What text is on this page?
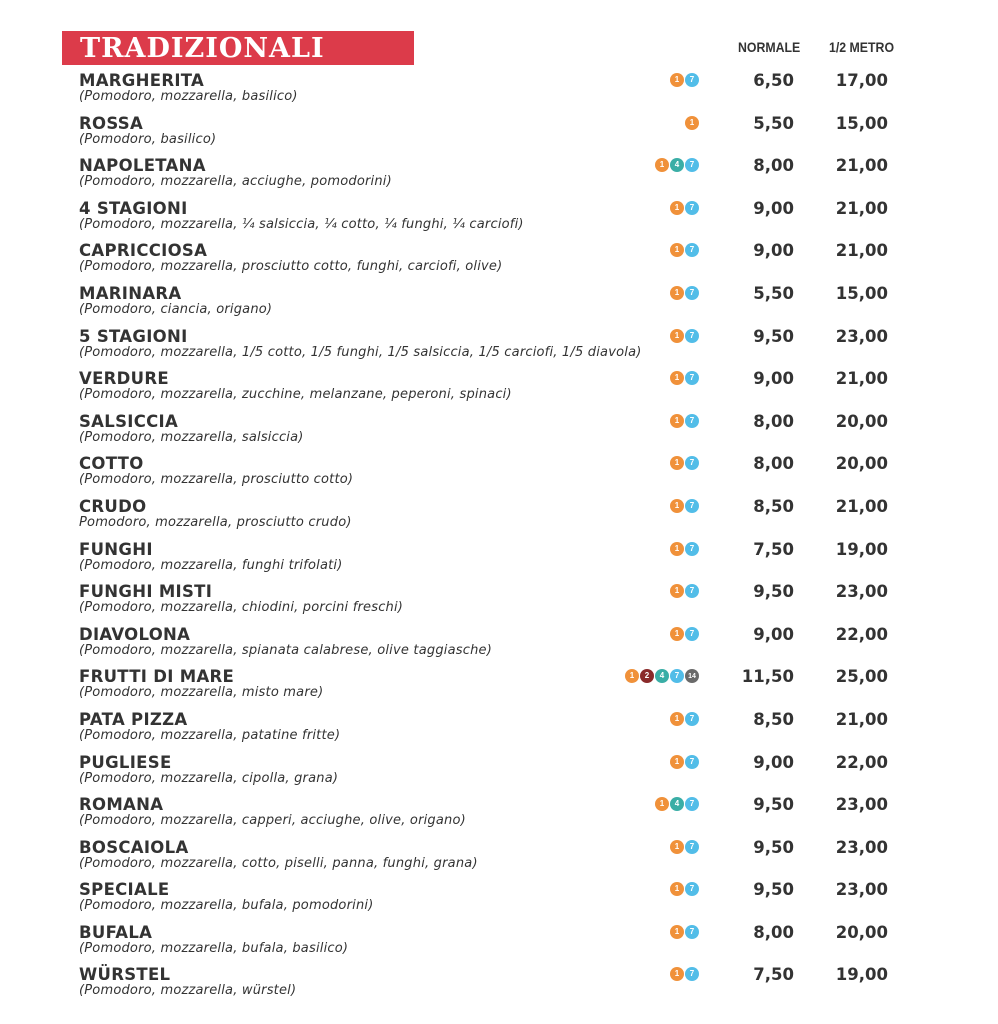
TRADIZIONALI	NORMALE 1/2 METRO
MARGHERITA
(Pomodoro, mozzarella, basilico)
1	7	6,50	17,00
ROSSA
(Pomodoro, basilico)
1	5,50	15,00
NAPOLETANA
(Pomodoro, mozzarella, acciughe, pomodorini)
1	4	7	8,00	21,00
4 STAGIONI
(Pomodoro, mozzarella, ¼ salsiccia, ¼ cotto, ¼ funghi, ¼ carciofi)
1	7	9,00	21,00
CAPRICCIOSA
(Pomodoro, mozzarella, prosciutto cotto, funghi, carciofi, olive)
1	7	9,00	21,00
MARINARA
(Pomodoro, ciancia, origano)
1	7	5,50	15,00
5 STAGIONI
(Pomodoro, mozzarella, 1/5 cotto, 1/5 funghi, 1/5 salsiccia, 1/5 carciofi, 1/5 diavola)
1	7	9,50	23,00
VERDURE
(Pomodoro, mozzarella, zucchine, melanzane, peperoni, spinaci)
1	7	9,00	21,00
SALSICCIA
(Pomodoro, mozzarella, salsiccia)
1	7	8,00	20,00
COTTO
(Pomodoro, mozzarella, prosciutto cotto)
1	7	8,00	20,00
CRUDO
Pomodoro, mozzarella, prosciutto crudo)
1	7	8,50	21,00
FUNGHI
(Pomodoro, mozzarella, funghi trifolati)
1	7	7,50	19,00
FUNGHI MISTI
(Pomodoro, mozzarella, chiodini, porcini freschi)
1	7	9,50	23,00
DIAVOLONA
(Pomodoro, mozzarella, spianata calabrese, olive taggiasche)
1	7	9,00	22,00
FRUTTI DI MARE
(Pomodoro, mozzarella, misto mare)
1	2	4	7	14	11,50	25,00
PATA PIZZA
(Pomodoro, mozzarella, patatine fritte)
1	7	8,50	21,00
PUGLIESE
(Pomodoro, mozzarella, cipolla, grana)
1	7	9,00	22,00
ROMANA
(Pomodoro, mozzarella, capperi, acciughe, olive, origano)
1	4	7	9,50	23,00
BOSCAIOLA
(Pomodoro, mozzarella, cotto, piselli, panna, funghi, grana)
1	7	9,50	23,00
SPECIALE
(Pomodoro, mozzarella, bufala, pomodorini)
1	7	9,50	23,00
BUFALA
(Pomodoro, mozzarella, bufala, basilico)
1	7	8,00	20,00
WÜRSTEL
(Pomodoro, mozzarella, würstel)
1	7	7,50	19,00
